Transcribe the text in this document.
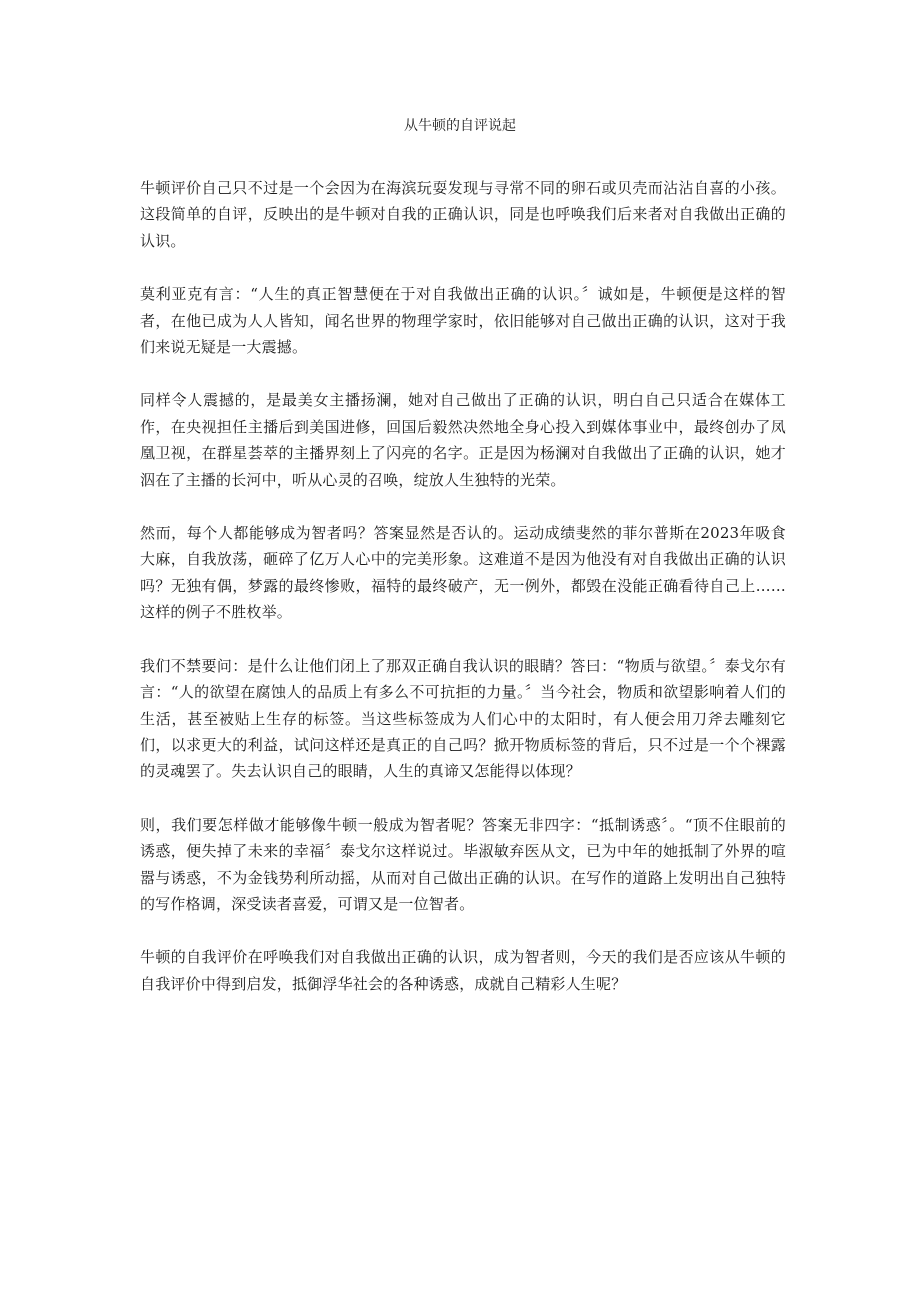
从牛顿的自评说起

牛顿评价自己只不过是一个会因为在海滨玩耍发现与寻常不同的卵石或贝壳而沾沾自喜的小孩。这段简单的自评，反映出的是牛顿对自我的正确认识，同是也呼唤我们后来者对自我做出正确的认识。

莫利亚克有言：“人生的真正智慧便在于对自我做出正确的认识。〞诚如是，牛顿便是这样的智者，在他已成为人人皆知，闻名世界的物理学家时，依旧能够对自己做出正确的认识，这对于我们来说无疑是一大震撼。

同样令人震撼的，是最美女主播扬澜，她对自己做出了正确的认识，明白自己只适合在媒体工作，在央视担任主播后到美国进修，回国后毅然决然地全身心投入到媒体事业中，最终创办了凤凰卫视，在群星荟萃的主播界刻上了闪亮的名字。正是因为杨澜对自我做出了正确的认识，她才泅在了主播的长河中，听从心灵的召唤，绽放人生独特的光荣。

然而，每个人都能够成为智者吗？答案显然是否认的。运动成绩斐然的菲尔普斯在2023年吸食大麻，自我放荡，砸碎了亿万人心中的完美形象。这难道不是因为他没有对自我做出正确的认识吗？无独有偶，梦露的最终惨败，福特的最终破产，无一例外，都毁在没能正确看待自己上……这样的例子不胜枚举。

我们不禁要问：是什么让他们闭上了那双正确自我认识的眼睛？答曰：“物质与欲望。〞泰戈尔有言：“人的欲望在腐蚀人的品质上有多么不可抗拒的力量。〞当今社会，物质和欲望影响着人们的生活，甚至被贴上生存的标签。当这些标签成为人们心中的太阳时，有人便会用刀斧去雕刻它们，以求更大的利益，试问这样还是真正的自己吗？掀开物质标签的背后，只不过是一个个裸露的灵魂罢了。失去认识自己的眼睛，人生的真谛又怎能得以体现？

则，我们要怎样做才能够像牛顿一般成为智者呢？答案无非四字：“抵制诱惑〞。“顶不住眼前的诱惑，便失掉了未来的幸福〞泰戈尔这样说过。毕淑敏弃医从文，已为中年的她抵制了外界的喧嚣与诱惑，不为金钱势利所动摇，从而对自己做出正确的认识。在写作的道路上发明出自己独特的写作格调，深受读者喜爱，可谓又是一位智者。

牛顿的自我评价在呼唤我们对自我做出正确的认识，成为智者则，今天的我们是否应该从牛顿的自我评价中得到启发，抵御浮华社会的各种诱惑，成就自己精彩人生呢？
